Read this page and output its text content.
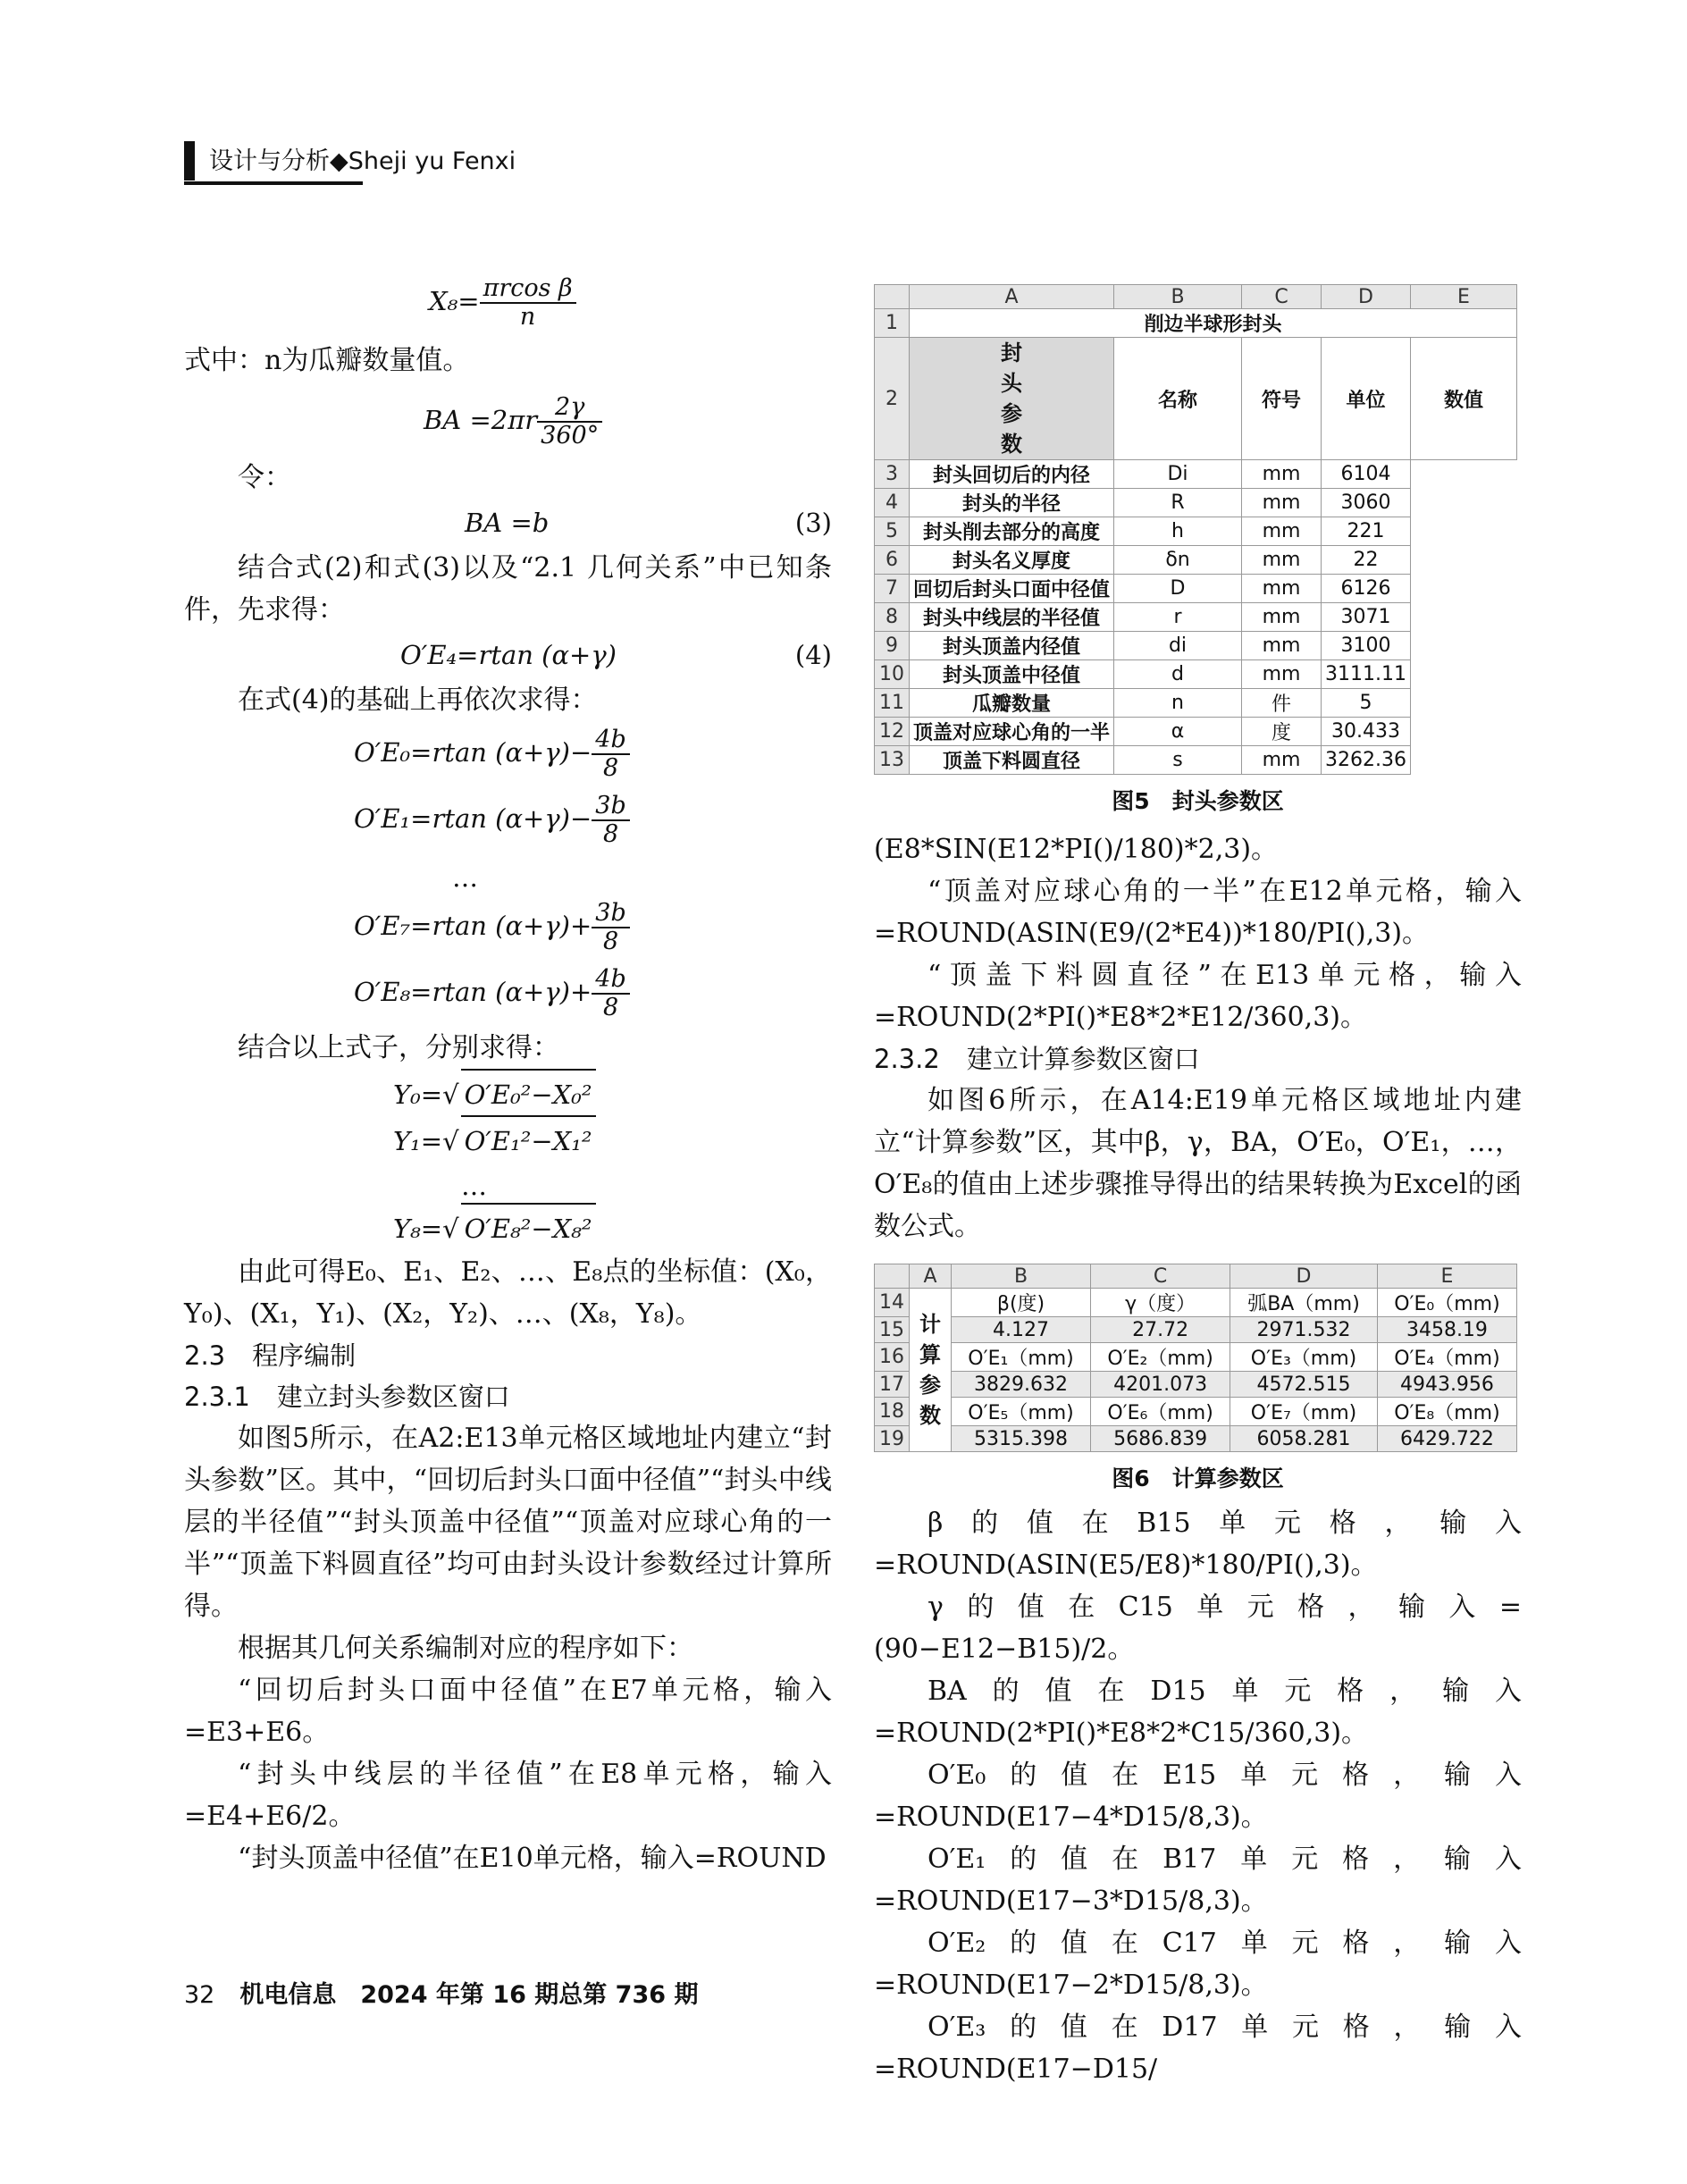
设计与分析◆Sheji yu Fenxi
$X_8= \frac{\text{πrcos β}}{n}$

式中：n为瓜瓣数量值。

BA $=2\pi r \frac{2\gamma}{360^\circ}$

令：

BA =b	(3)

结合式(2)和式(3)以及“2.1 几何关系”中已知条件，先求得：

O′E₄=rtan (α+γ)	(4)

在式(4)的基础上再依次求得：

O′E₀=rtan $(\alpha+\gamma)- \frac{4b}{8}$
O′E₁=rtan $(\alpha+\gamma)- \frac{3b}{8}$
…
O′E₇=rtan $(\alpha+\gamma)+ \frac{3b}{8}$
O′E₈=rtan $(\alpha+\gamma)+ \frac{4b}{8}$

结合以上式子，分别求得：

Y₀=√ O′E₀²−X₀²
Y₁=√ O′E₁²−X₁²
…
Y₈=√ O′E₈²−X₈²

由此可得E₀、E₁、E₂、…、E₈点的坐标值：(X₀，Y₀)、(X₁，Y₁)、(X₂，Y₂)、…、(X₈，Y₈)。

2.3 程序编制

2.3.1 建立封头参数区窗口

如图5所示，在A2:E13单元格区域地址内建立“封头参数”区。其中，“回切后封头口面中径值”“封头中线层的半径值”“封头顶盖中径值”“顶盖对应球心角的一半”“顶盖下料圆直径”均可由封头设计参数经过计算所得。

根据其几何关系编制对应的程序如下：

“回切后封头口面中径值”在E7单元格，输入=E3+E6。

“封头中线层的半径值”在E8单元格，输入=E4+E6/2。

“封头顶盖中径值”在E10单元格，输入=ROUND

	A	B	C	D	E
1	削边半球形封头				
2	封
头
参
数	名称	符号	单位	数值
3	封头回切后的内径	Di	mm	6104	
4	封头的半径	R	mm	3060	
5	封头削去部分的高度	h	mm	221	
6	封头名义厚度	δn	mm	22	
7	回切后封头口面中径值	D	mm	6126	
8	封头中线层的半径值	r	mm	3071	
9	封头顶盖内径值	di	mm	3100	
10	封头顶盖中径值	d	mm	3111.11	
11	瓜瓣数量	n	件	5	
12	顶盖对应球心角的一半	α	度	30.433	
13	顶盖下料圆直径	s	mm	3262.36	

图5　封头参数区

(E8*SIN(E12*PI()/180)*2,3)。

“顶盖对应球心角的一半”在E12单元格，输入=ROUND(ASIN(E9/(2*E4))*180/PI(),3)。

“顶盖下料圆直径”在E13单元格，输入=ROUND(2*PI()*E8*2*E12/360,3)。

2.3.2 建立计算参数区窗口

如图6所示，在A14:E19单元格区域地址内建立“计算参数”区，其中β，γ，BA，O′E₀，O′E₁，…，O′E₈的值由上述步骤推导得出的结果转换为Excel的函数公式。

	A	B	C	D	E
14	计
算
参
数	β(度)	γ（度）	弧BA（mm)	O′E₀（mm)
15		4.127	27.72	2971.532	3458.19
16		O′E₁（mm)	O′E₂（mm)	O′E₃（mm)	O′E₄（mm)
17		3829.632	4201.073	4572.515	4943.956
18		O′E₅（mm)	O′E₆（mm)	O′E₇（mm)	O′E₈（mm)
19		5315.398	5686.839	6058.281	6429.722

图6　计算参数区

β的值在B15单元格，输入=ROUND(ASIN(E5/E8)*180/PI(),3)。

γ的值在C15单元格，输入=(90−E12−B15)/2。

BA的值在D15单元格，输入=ROUND(2*PI()*E8*2*C15/360,3)。

O′E₀的值在E15单元格，输入=ROUND(E17−4*D15/8,3)。

O′E₁的值在B17单元格，输入=ROUND(E17−3*D15/8,3)。

O′E₂的值在C17单元格，输入=ROUND(E17−2*D15/8,3)。

O′E₃的值在D17单元格，输入=ROUND(E17−D15/

32 机电信息　2024 年第 16 期总第 736 期
